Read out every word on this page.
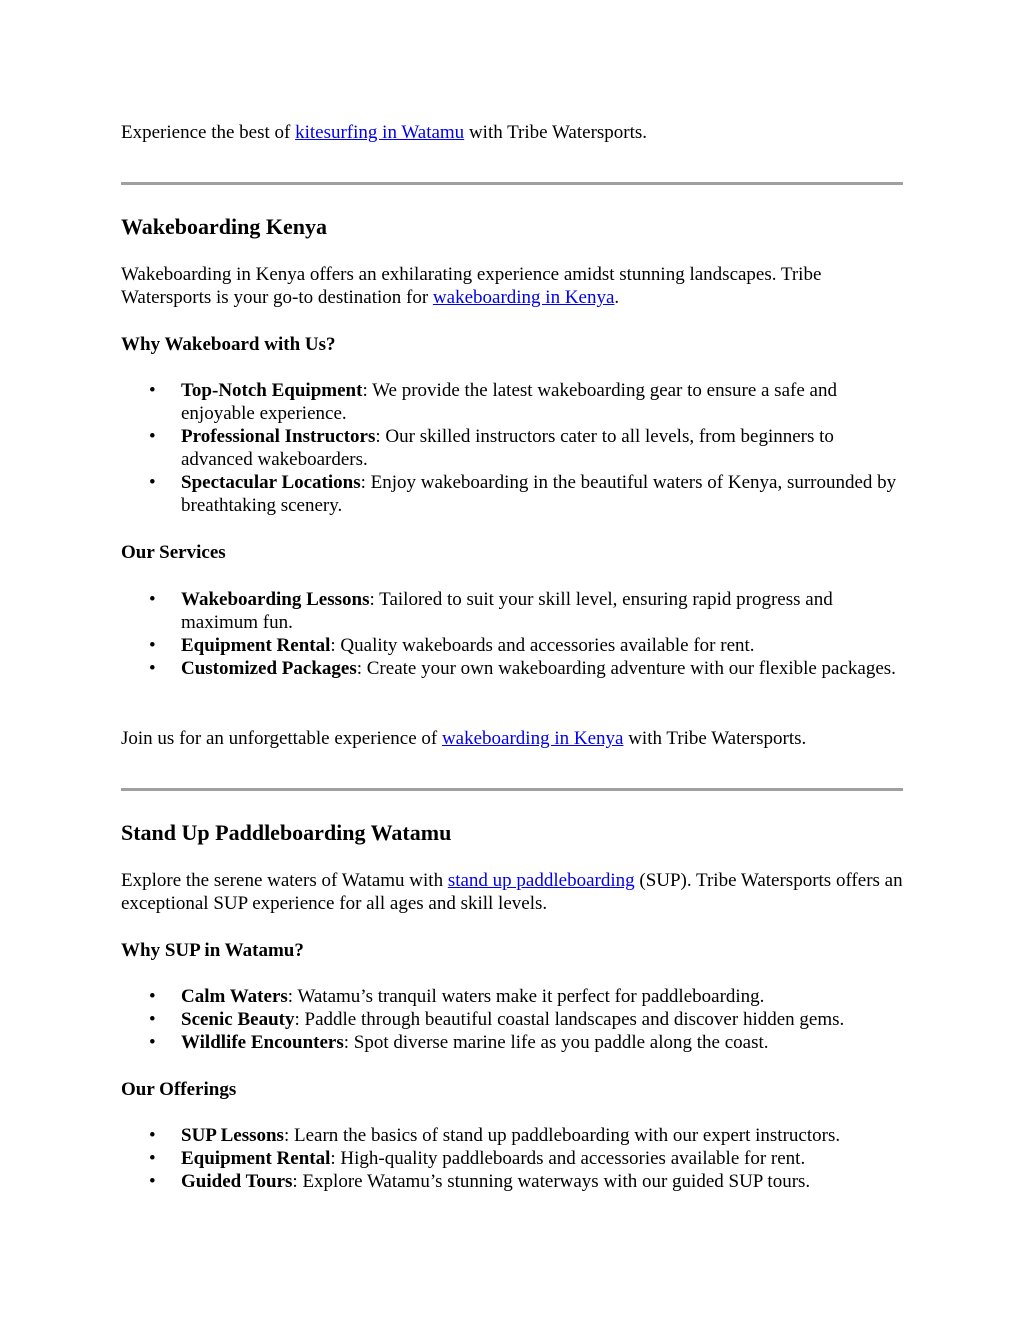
Experience the best of kitesurfing in Watamu with Tribe Watersports.

Wakeboarding Kenya

Wakeboarding in Kenya offers an exhilarating experience amidst stunning landscapes. Tribe Watersports is your go-to destination for wakeboarding in Kenya.

Why Wakeboard with Us?
• Top-Notch Equipment: We provide the latest wakeboarding gear to ensure a safe and enjoyable experience.
• Professional Instructors: Our skilled instructors cater to all levels, from beginners to advanced wakeboarders.
• Spectacular Locations: Enjoy wakeboarding in the beautiful waters of Kenya, surrounded by breathtaking scenery.
Our Services
• Wakeboarding Lessons: Tailored to suit your skill level, ensuring rapid progress and maximum fun.
• Equipment Rental: Quality wakeboards and accessories available for rent.
• Customized Packages: Create your own wakeboarding adventure with our flexible packages.

Join us for an unforgettable experience of wakeboarding in Kenya with Tribe Watersports.

Stand Up Paddleboarding Watamu

Explore the serene waters of Watamu with stand up paddleboarding (SUP). Tribe Watersports offers an exceptional SUP experience for all ages and skill levels.

Why SUP in Watamu?
• Calm Waters: Watamu’s tranquil waters make it perfect for paddleboarding.
• Scenic Beauty: Paddle through beautiful coastal landscapes and discover hidden gems.
• Wildlife Encounters: Spot diverse marine life as you paddle along the coast.
Our Offerings
• SUP Lessons: Learn the basics of stand up paddleboarding with our expert instructors.
• Equipment Rental: High-quality paddleboards and accessories available for rent.
• Guided Tours: Explore Watamu’s stunning waterways with our guided SUP tours.
